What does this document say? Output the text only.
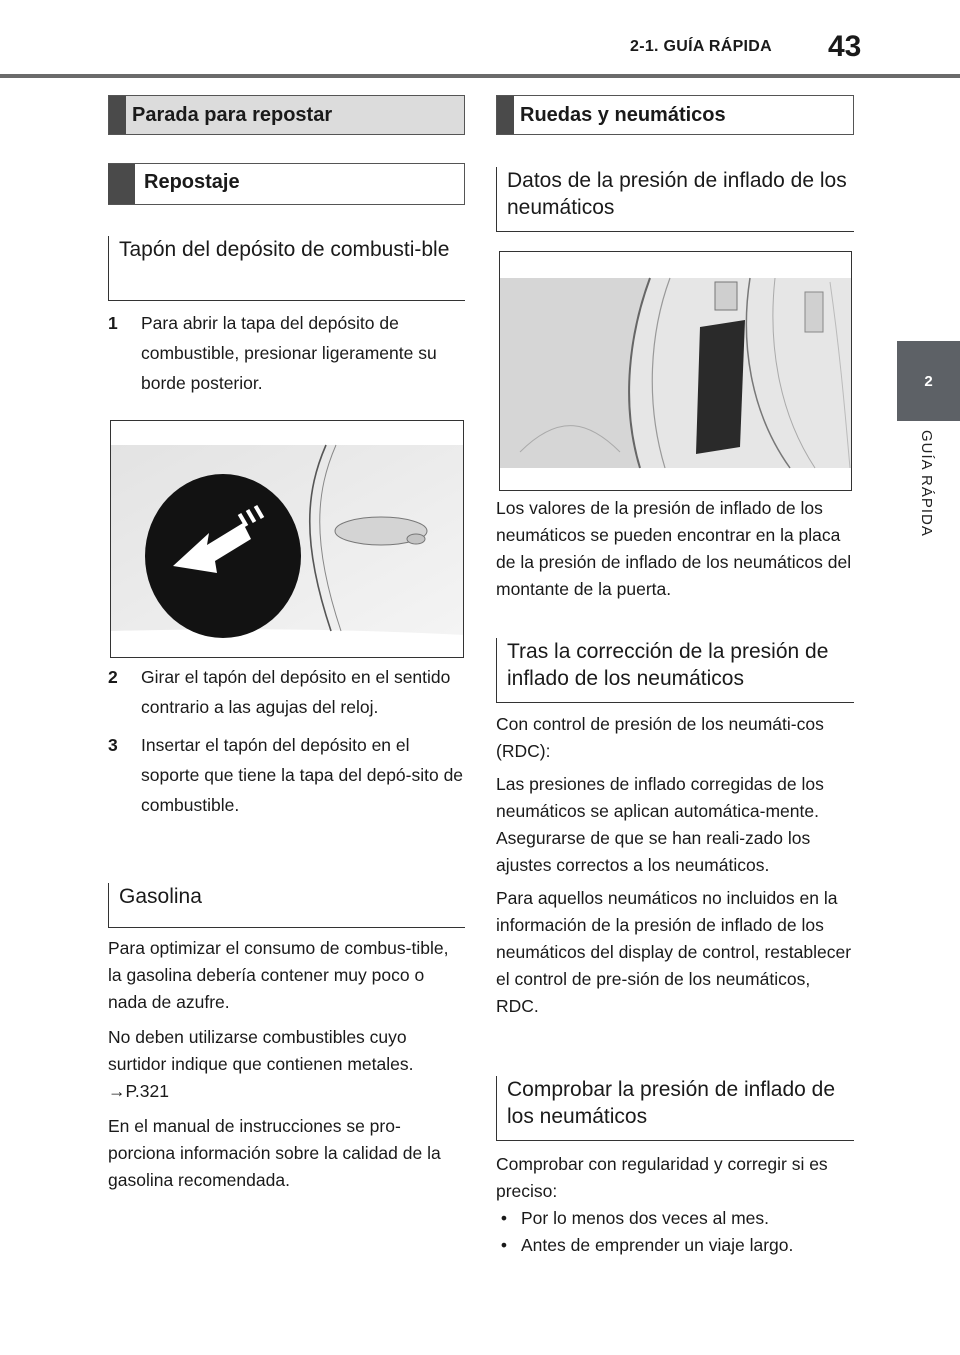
2-1. GUÍA RÁPIDA 43
2
GUÍA RÁPIDA
Parada para repostar
Repostaje
Tapón del depósito de combusti-ble
1	Para abrir la tapa del depósito de combustible, presionar ligeramente su borde posterior.
2	Girar el tapón del depósito en el sentido contrario a las agujas del reloj.
3	Insertar el tapón del depósito en el soporte que tiene la tapa del depó-sito de combustible.
Gasolina
Para optimizar el consumo de combus-tible, la gasolina debería contener muy poco o nada de azufre.
No deben utilizarse combustibles cuyo surtidor indique que contienen metales.
→P.321
En el manual de instrucciones se pro-porciona información sobre la calidad de la gasolina recomendada.
Ruedas y neumáticos
Datos de la presión de inflado de los neumáticos
Los valores de la presión de inflado de los neumáticos se pueden encontrar en la placa de la presión de inflado de los neumáticos del montante de la puerta.
Tras la corrección de la presión de inflado de los neumáticos
Con control de presión de los neumáti-cos (RDC):
Las presiones de inflado corregidas de los neumáticos se aplican automática-mente. Asegurarse de que se han reali-zado los ajustes correctos a los neumáticos.
Para aquellos neumáticos no incluidos en la información de la presión de inflado de los neumáticos del display de control, restablecer el control de pre-sión de los neumáticos, RDC.
Comprobar la presión de inflado de los neumáticos
Comprobar con regularidad y corregir si es preciso:
• Por lo menos dos veces al mes.
• Antes de emprender un viaje largo.
